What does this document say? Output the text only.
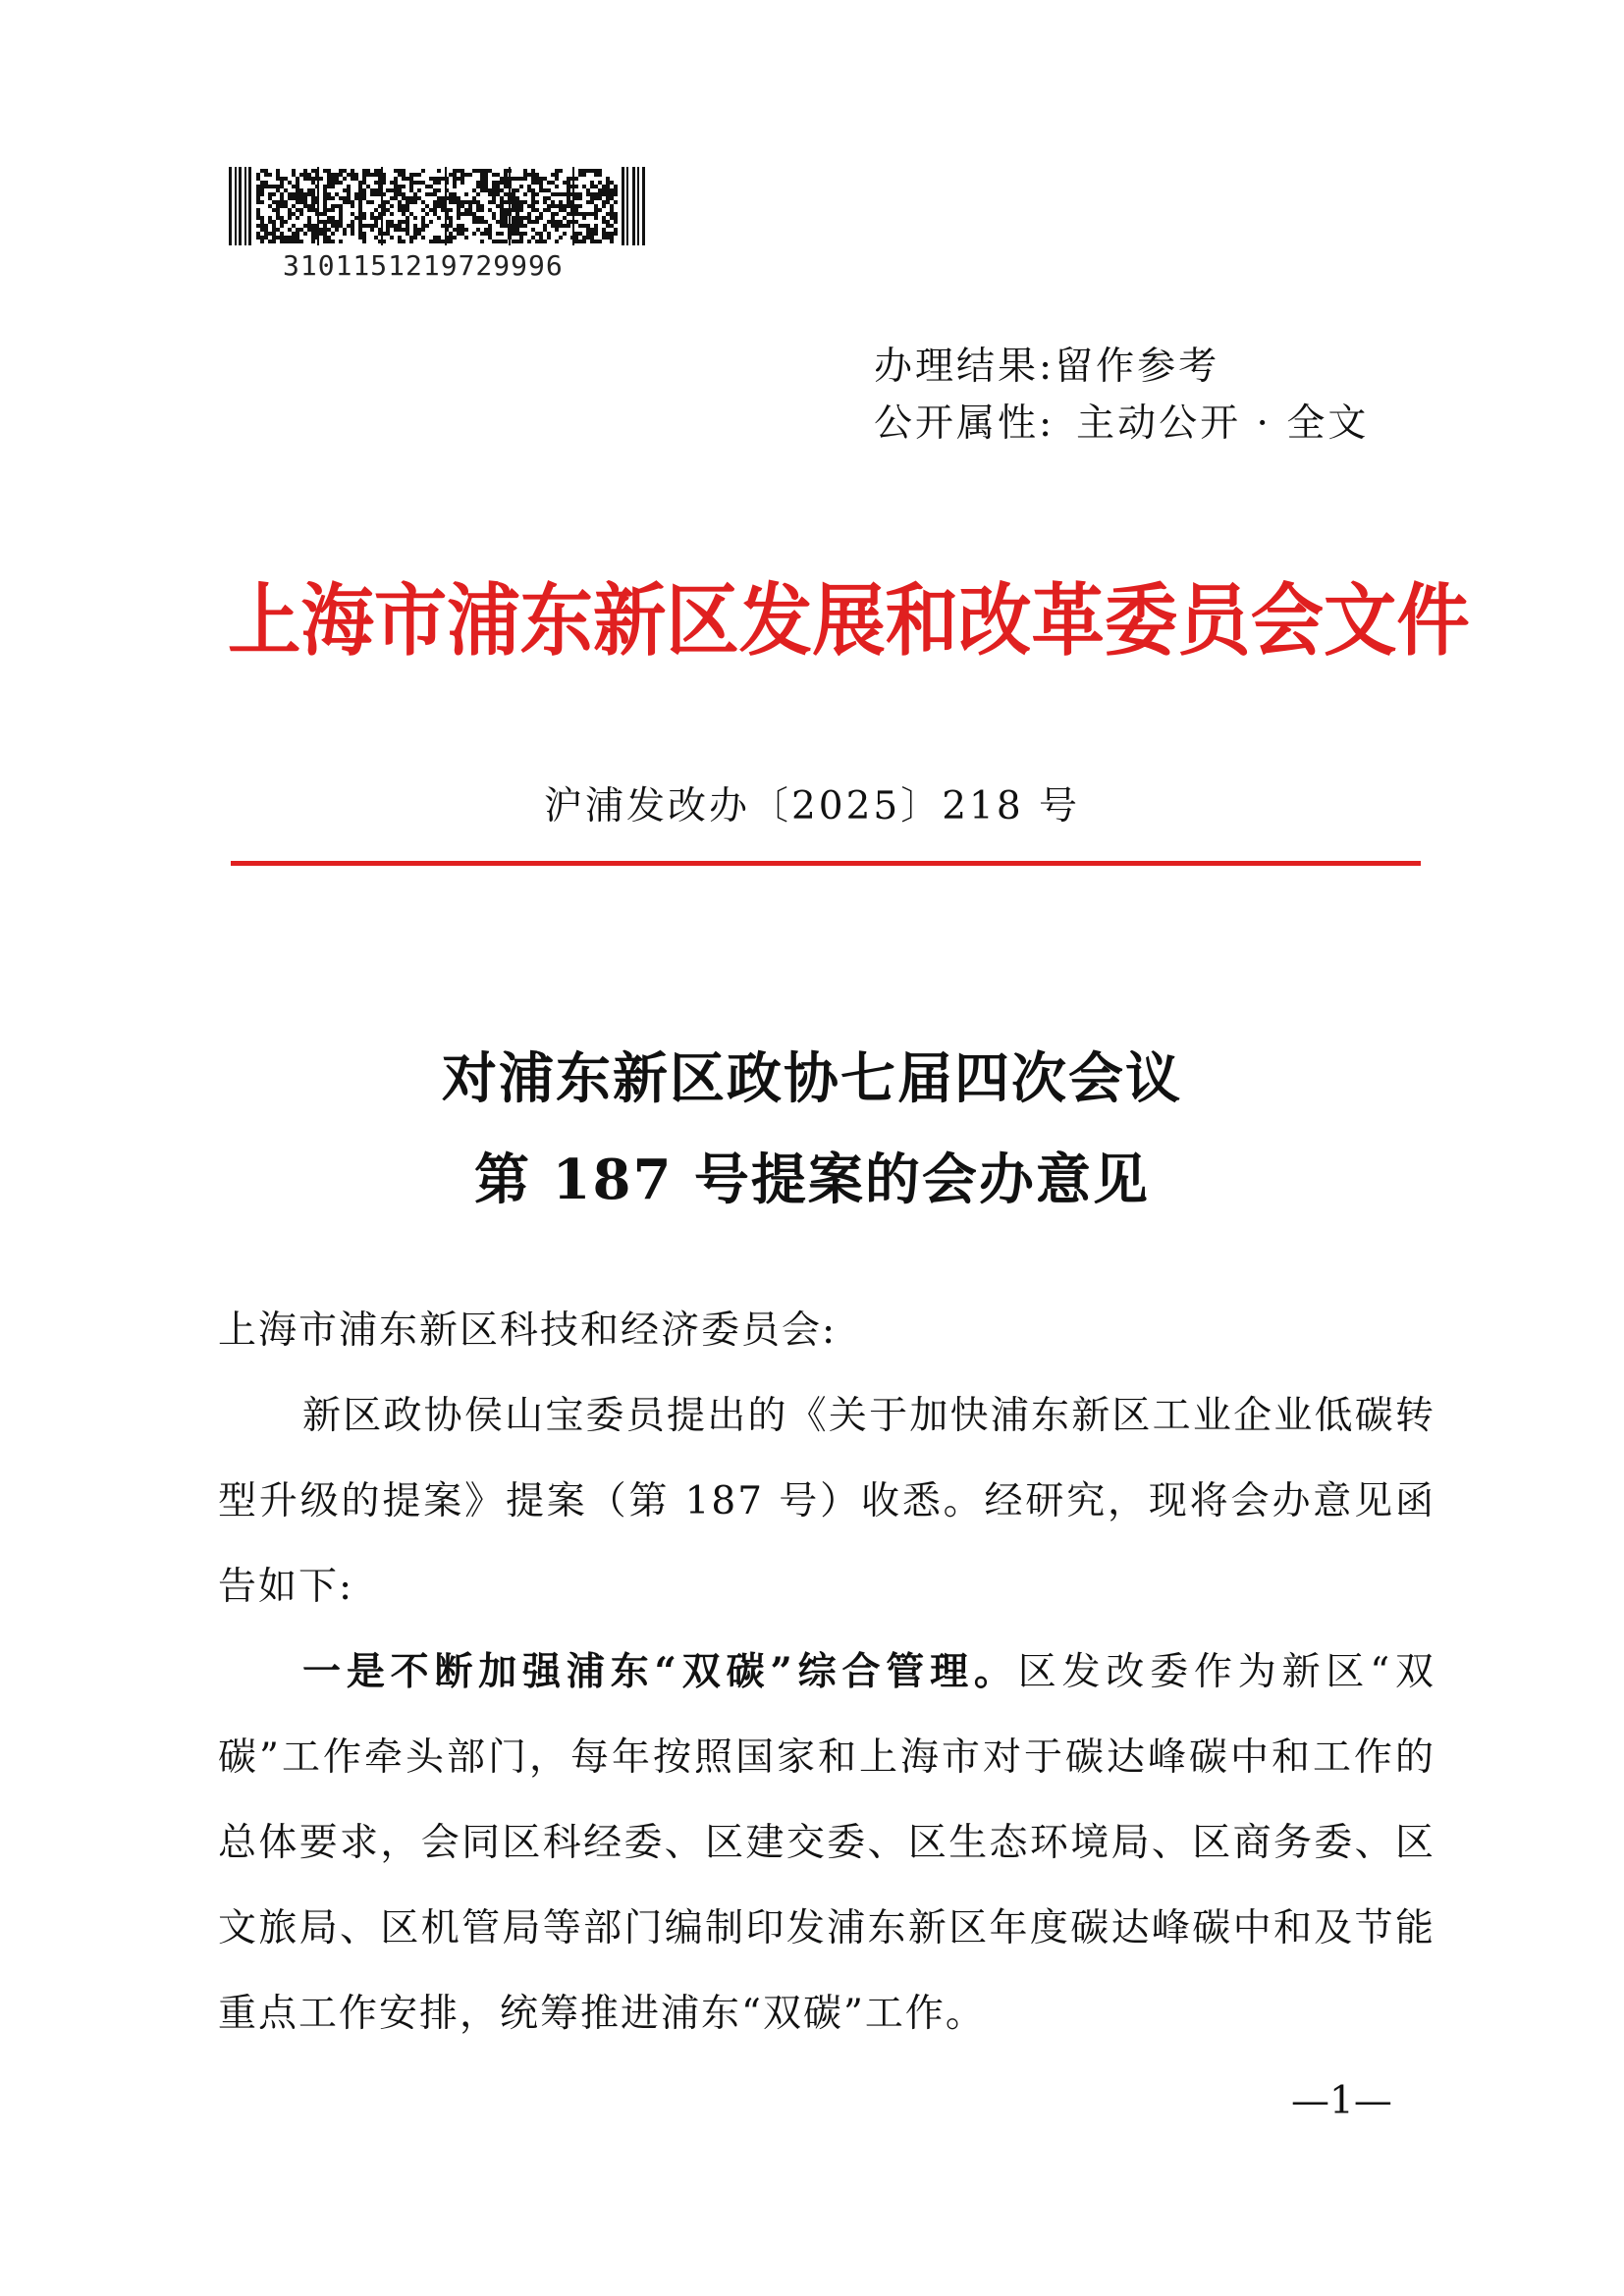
3101151219729996
办理结果:留作参考
公开属性: 主动公开 · 全文
上海市浦东新区发展和改革委员会文件
沪浦发改办〔2025〕218 号
对浦东新区政协七届四次会议
第 187 号提案的会办意见

上海市浦东新区科技和经济委员会:

新区政协侯山宝委员提出的《关于加快浦东新区工业企业低碳转型升级的提案》提案（第 187 号）收悉。经研究，现将会办意见函告如下:

一是不断加强浦东“双碳”综合管理。区发改委作为新区“双碳”工作牵头部门，每年按照国家和上海市对于碳达峰碳中和工作的总体要求，会同区科经委、区建交委、区生态环境局、区商务委、区文旅局、区机管局等部门编制印发浦东新区年度碳达峰碳中和及节能重点工作安排，统筹推进浦东“双碳”工作。

—1—
